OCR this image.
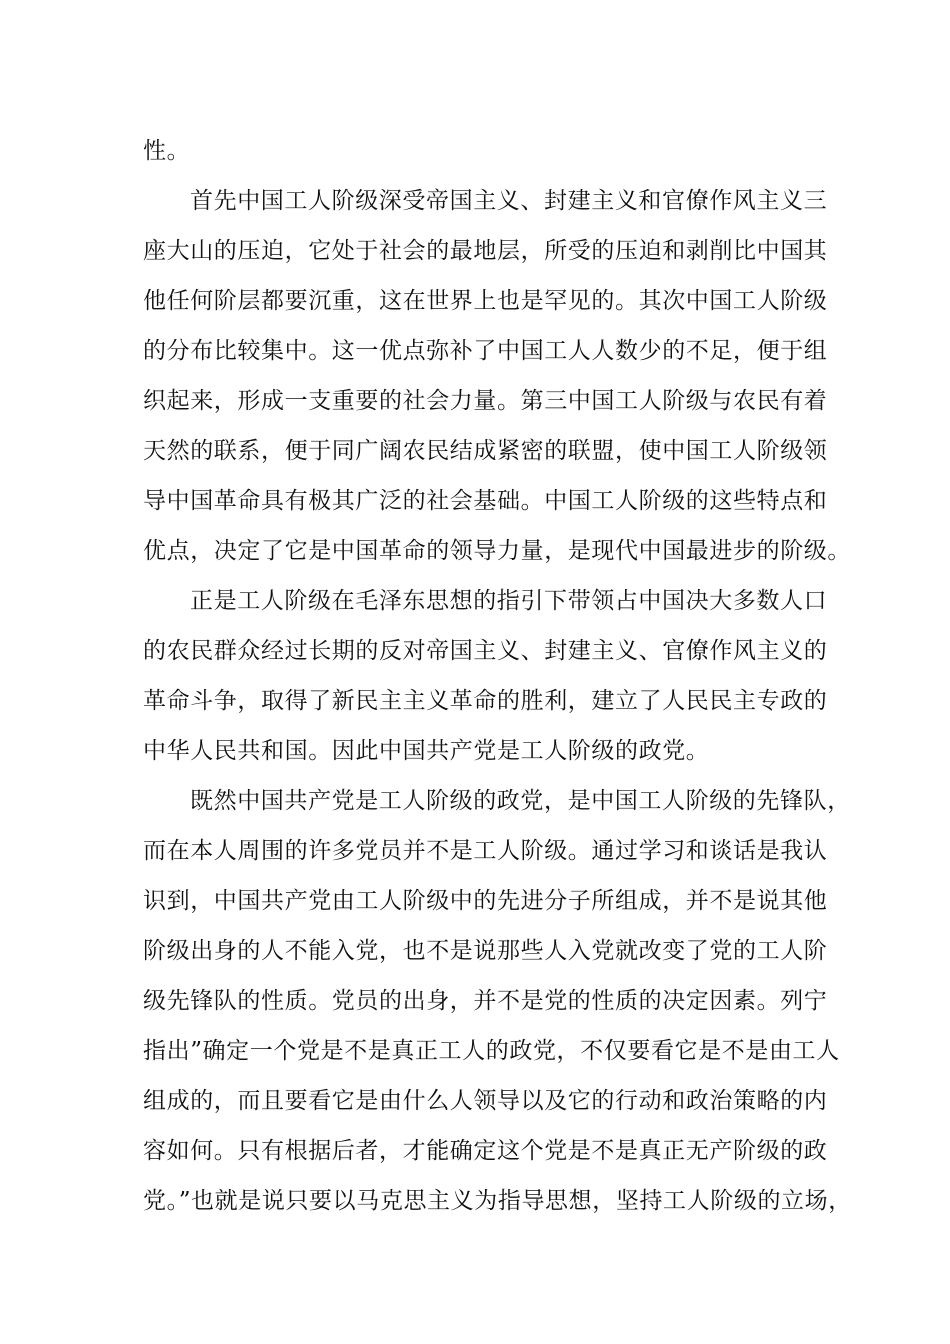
性。
首先中国工人阶级深受帝国主义、封建主义和官僚作风主义三
座大山的压迫，它处于社会的最地层，所受的压迫和剥削比中国其
他任何阶层都要沉重，这在世界上也是罕见的。其次中国工人阶级
的分布比较集中。这一优点弥补了中国工人人数少的不足，便于组
织起来，形成一支重要的社会力量。第三中国工人阶级与农民有着
天然的联系，便于同广阔农民结成紧密的联盟，使中国工人阶级领
导中国革命具有极其广泛的社会基础。中国工人阶级的这些特点和
优点，决定了它是中国革命的领导力量，是现代中国最进步的阶级。
正是工人阶级在毛泽东思想的指引下带领占中国决大多数人口
的农民群众经过长期的反对帝国主义、封建主义、官僚作风主义的
革命斗争，取得了新民主主义革命的胜利，建立了人民民主专政的
中华人民共和国。因此中国共产党是工人阶级的政党。
既然中国共产党是工人阶级的政党，是中国工人阶级的先锋队，
而在本人周围的许多党员并不是工人阶级。通过学习和谈话是我认
识到，中国共产党由工人阶级中的先进分子所组成，并不是说其他
阶级出身的人不能入党，也不是说那些人入党就改变了党的工人阶
级先锋队的性质。党员的出身，并不是党的性质的决定因素。列宁
指出”确定一个党是不是真正工人的政党，不仅要看它是不是由工人
组成的，而且要看它是由什么人领导以及它的行动和政治策略的内
容如何。只有根据后者，才能确定这个党是不是真正无产阶级的政
党。”也就是说只要以马克思主义为指导思想，坚持工人阶级的立场，
